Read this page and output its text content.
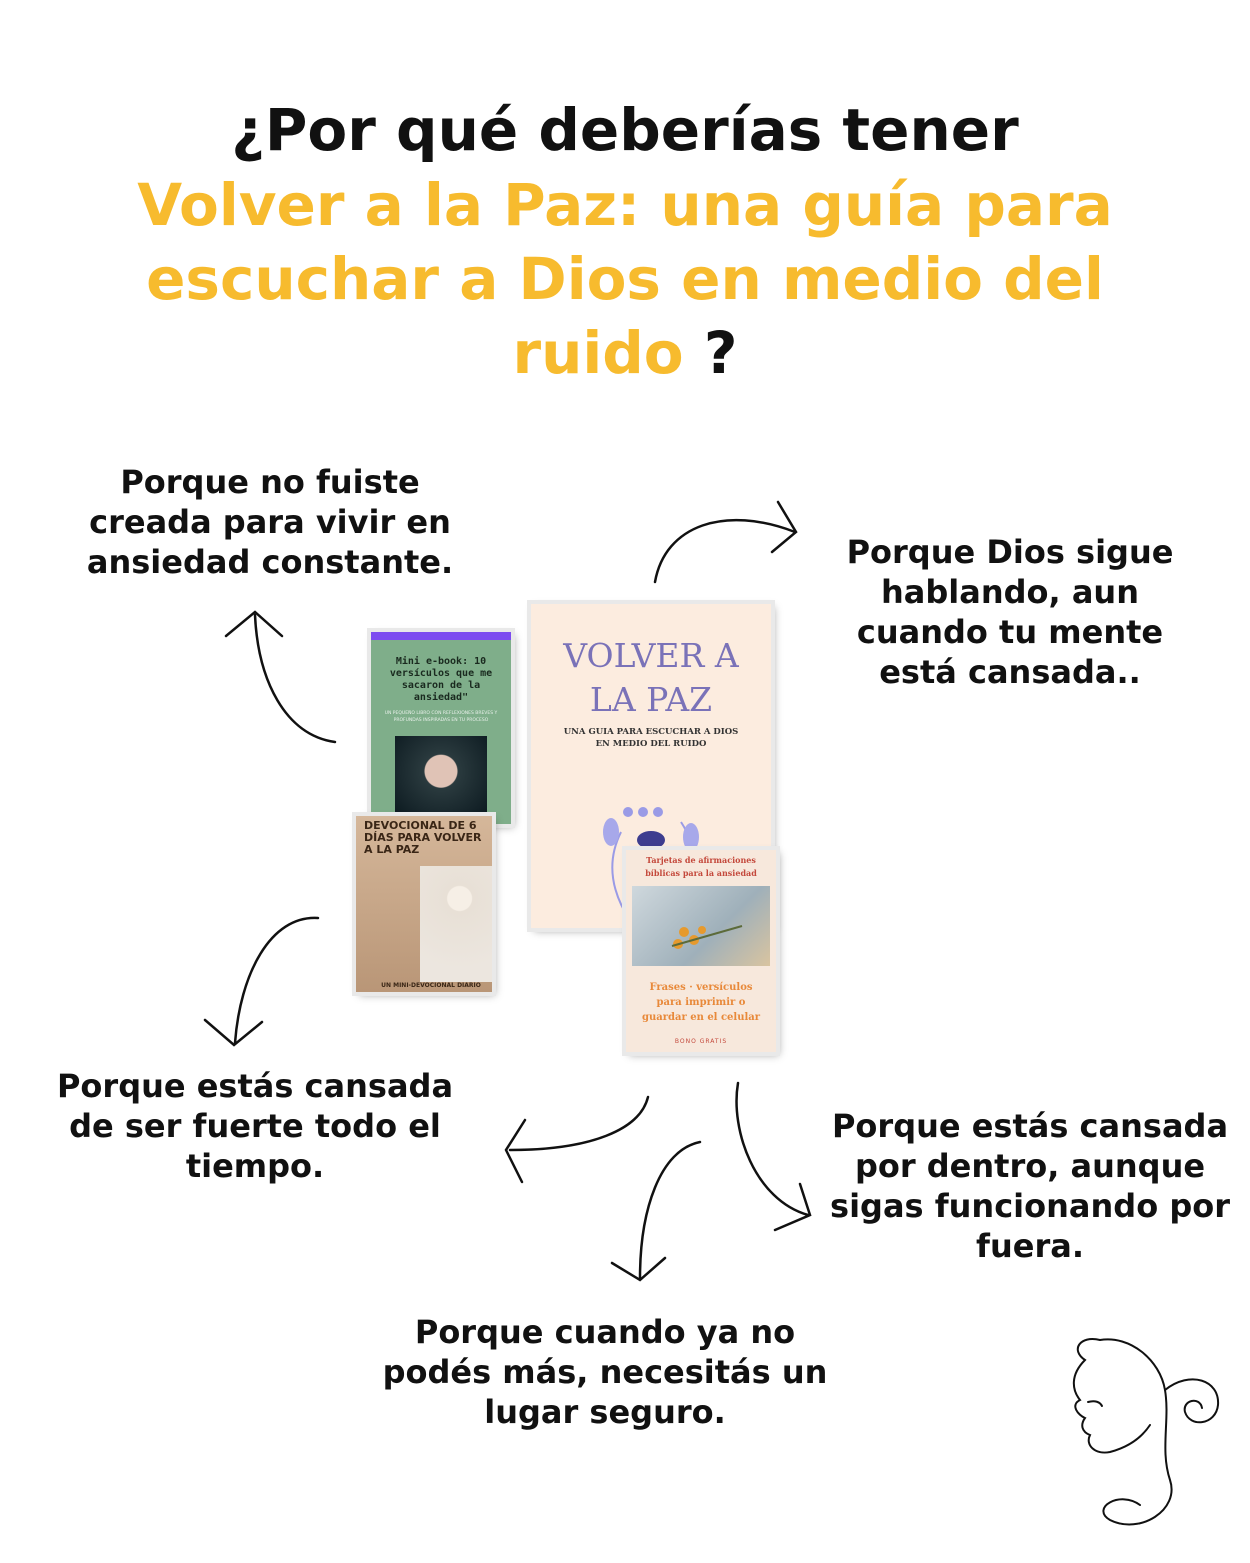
¿Por qué deberías tener
Volver a la Paz: una guía para escuchar a Dios en medio del ruido ?
Porque no fuiste creada para vivir en ansiedad constante.	Porque Dios sigue hablando, aun cuando tu mente está cansada..
Porque estás cansada de ser fuerte todo el tiempo.
Porque estás cansada por dentro, aunque sigas funcionando por fuera.
Porque cuando ya no podés más, necesitás un lugar seguro.
Mini e-book: 10 versículos que me sacaron de la ansiedad"
UN PEQUEÑO LIBRO CON REFLEXIONES BREVES Y PROFUNDAS INSPIRADAS EN TU PROCESO
VOLVER A LA PAZ
UNA GUIA PARA ESCUCHAR A DIOS EN MEDIO DEL RUIDO
DEVOCIONAL DE 6 DÍAS PARA VOLVER A LA PAZ
UN MINI-DEVOCIONAL DIARIO
Tarjetas de afirmaciones bíblicas para la ansiedad
Frases · versículos
para imprimir o
guardar en el celular
BONO GRATIS
